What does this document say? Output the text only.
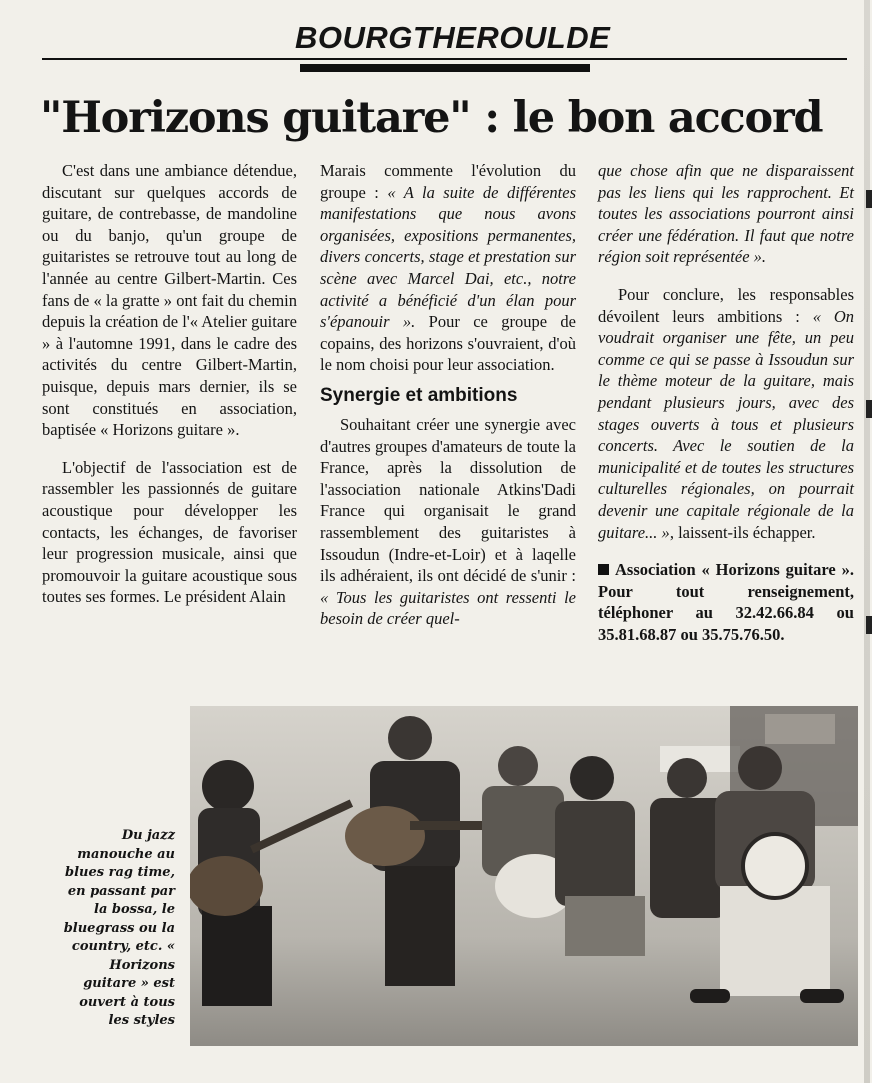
BOURGTHEROULDE
"Horizons guitare" : le bon accord

C'est dans une ambiance détendue, discutant sur quelques accords de guitare, de contrebasse, de mandoline ou du banjo, qu'un groupe de guitaristes se retrouve tout au long de l'année au centre Gilbert-Martin. Ces fans de « la gratte » ont fait du chemin depuis la création de l'« Atelier guitare » à l'automne 1991, dans le cadre des activités du centre Gilbert-Martin, puisque, depuis mars dernier, ils se sont constitués en association, baptisée « Horizons guitare ».

L'objectif de l'association est de rassembler les passionnés de guitare acoustique pour développer les contacts, les échanges, de favoriser leur progression musicale, ainsi que promouvoir la guitare acoustique sous toutes ses formes. Le président Alain

Marais commente l'évolution du groupe : « A la suite de différentes manifestations que nous avons organisées, expositions permanentes, divers concerts, stage et prestation sur scène avec Marcel Dai, etc., notre activité a bénéficié d'un élan pour s'épanouir ». Pour ce groupe de copains, des horizons s'ouvraient, d'où le nom choisi pour leur association.

Synergie et ambitions

Souhaitant créer une synergie avec d'autres groupes d'amateurs de toute la France, après la dissolution de l'association nationale Atkins'Dadi France qui organisait le grand rassemblement des guitaristes à Issoudun (Indre-et-Loir) et à laqelle ils adhéraient, ils ont décidé de s'unir : « Tous les guitaristes ont ressenti le besoin de créer quel-

que chose afin que ne disparaissent pas les liens qui les rapprochent. Et toutes les associations pourront ainsi créer une fédération. Il faut que notre région soit représentée ».

Pour conclure, les responsables dévoilent leurs ambitions : « On voudrait organiser une fête, un peu comme ce qui se passe à Issoudun sur le thème moteur de la guitare, mais pendant plusieurs jours, avec des stages ouverts à tous et plusieurs concerts. Avec le soutien de la municipalité et de toutes les structures culturelles régionales, on pourrait devenir une capitale régionale de la guitare... », laissent-ils échapper.

Association « Horizons guitare ». Pour tout renseignement, téléphoner au 32.42.66.84 ou 35.81.68.87 ou 35.75.76.50.

Du jazz manouche au blues rag time, en passant par la bossa, le bluegrass ou la country, etc. « Horizons guitare » est ouvert à tous les styles
